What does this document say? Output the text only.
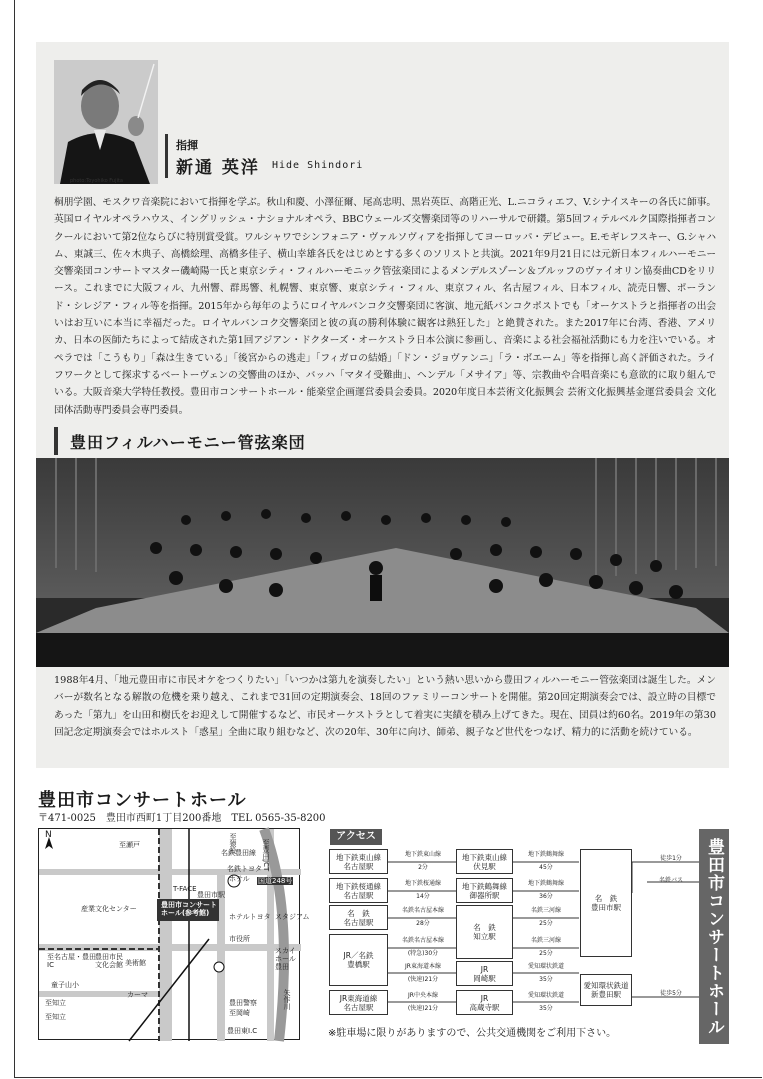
photo:Toyohiko Fujita
指揮
新通 英洋 Hide Shindori

桐朋学園、モスクワ音楽院において指揮を学ぶ。秋山和慶、小澤征爾、尾高忠明、黒岩英臣、高階正光、L.ニコラィエフ、V.シナイスキーの各氏に師事。英国ロイヤルオペラハウス、イングリッシュ・ナショナルオペラ、BBCウェールズ交響楽団等のリハーサルで研鑽。第5回フィテルベルク国際指揮者コンクールにおいて第2位ならびに特別賞受賞。ワルシャワでシンフォニア・ヴァルソヴィアを指揮してヨーロッパ・デビュー。E.モギレフスキー、G.シャハム、東誠三、佐々木典子、高橋絵理、高橋多佳子、横山幸雄各氏をはじめとする多くのソリストと共演。2021年9月21日には元新日本フィルハーモニー交響楽団コンサートマスター磯崎陽一氏と東京シティ・フィルハーモニック管弦楽団によるメンデルスゾーン＆ブルッフのヴァイオリン協奏曲CDをリリース。これまでに大阪フィル、九州響、群馬響、札幌響、東京響、東京シティ・フィル、東京フィル、名古屋フィル、日本フィル、読売日響、ポーランド・シレジア・フィル等を指揮。2015年から毎年のようにロイヤルバンコク交響楽団に客演、地元紙バンコクポストでも「オーケストラと指揮者の出会いはお互いに本当に幸福だった。ロイヤルバンコク交響楽団と彼の真の勝利体験に観客は熱狂した」と絶賛された。また2017年に台湾、香港、アメリカ、日本の医師たちによって結成された第1回アジアン・ドクターズ・オーケストラ日本公演に参画し、音楽による社会福祉活動にも力を注いでいる。オペラでは「こうもり」「森は生きている」「後宮からの逃走」「フィガロの結婚」「ドン・ジョヴァンニ」「ラ・ボエーム」等を指揮し高く評価された。ライフワークとして探求するベートーヴェンの交響曲のほか、バッハ「マタイ受難曲」、ヘンデル「メサイア」等、宗教曲や合唱音楽にも意欲的に取り組んでいる。大阪音楽大学特任教授。豊田市コンサートホール・能楽堂企画運営委員会委員。2020年度日本芸術文化振興会 芸術文化振興基金運営委員会 文化団体活動専門委員会専門委員。

豊田フィルハーモニー管弦楽団

1988年4月、「地元豊田市に市民オケをつくりたい」「いつかは第九を演奏したい」という熱い思いから豊田フィルハーモニー管弦楽団は誕生した。メンバーが数名となる解散の危機を乗り越え、これまで31回の定期演奏会、18回のファミリーコンサートを開催。第20回定期演奏会では、設立時の目標であった「第九」を山田和樹氏をお迎えして開催するなど、市民オーケストラとして着実に実績を積み上げてきた。現在、団員は約60名。2019年の第30回記念定期演奏会ではホルスト「惑星」全曲に取り組むなど、次の20年、30年に向け、師弟、親子など世代をつなげ、精力的に活動を続けている。

豊田市コンサートホール
〒471-0025　豊田市西町1丁目200番地　TEL 0565-35-8200
N
至瀬戸	至猿投
名鉄豊田線 至豊田JCT
T-FACE
名鉄トヨタ
ホテル 国道248号
産業文化センター	豊田市コンサートホール(参考館)
豊田市駅
ホテルトヨタ スタジアム
美術館
市役所
至名古屋・豊田IC
豊田市民文化会館
童子山小
カーマ
スカイホール豊田
矢作川
至知立
至知立	至岡崎
豊田東I.C
豊田警察
アクセス
地下鉄東山線
名古屋駅
地下鉄東山線
伏見駅
地下鉄桜通線
名古屋駅
地下鉄鶴舞線
御器所駅
名　鉄
名古屋駅
名　鉄
知立駅
JR／名鉄
豊橋駅	JR
岡崎駅
JR東海道線
名古屋駅
JR
高蔵寺駅
名　鉄
豊田市駅
愛知環状鉄道
新豊田駅
地下鉄東山線
2分
地下鉄鶴舞線
45分
地下鉄桜通線
14分
地下鉄鶴舞線
36分
名鉄名古屋本線
28分
名鉄三河線
25分
名鉄名古屋本線
(特急)30分
名鉄三河線
25分
JR東海道本線
(快速)21分
愛知環状鉄道
35分
JR中央本線
(快速)21分
愛知環状鉄道
35分
徒歩1分
名鉄バス
徒歩5分	豊田市コンサートホール
※駐車場に限りがありますので、公共交通機関をご利用下さい。
